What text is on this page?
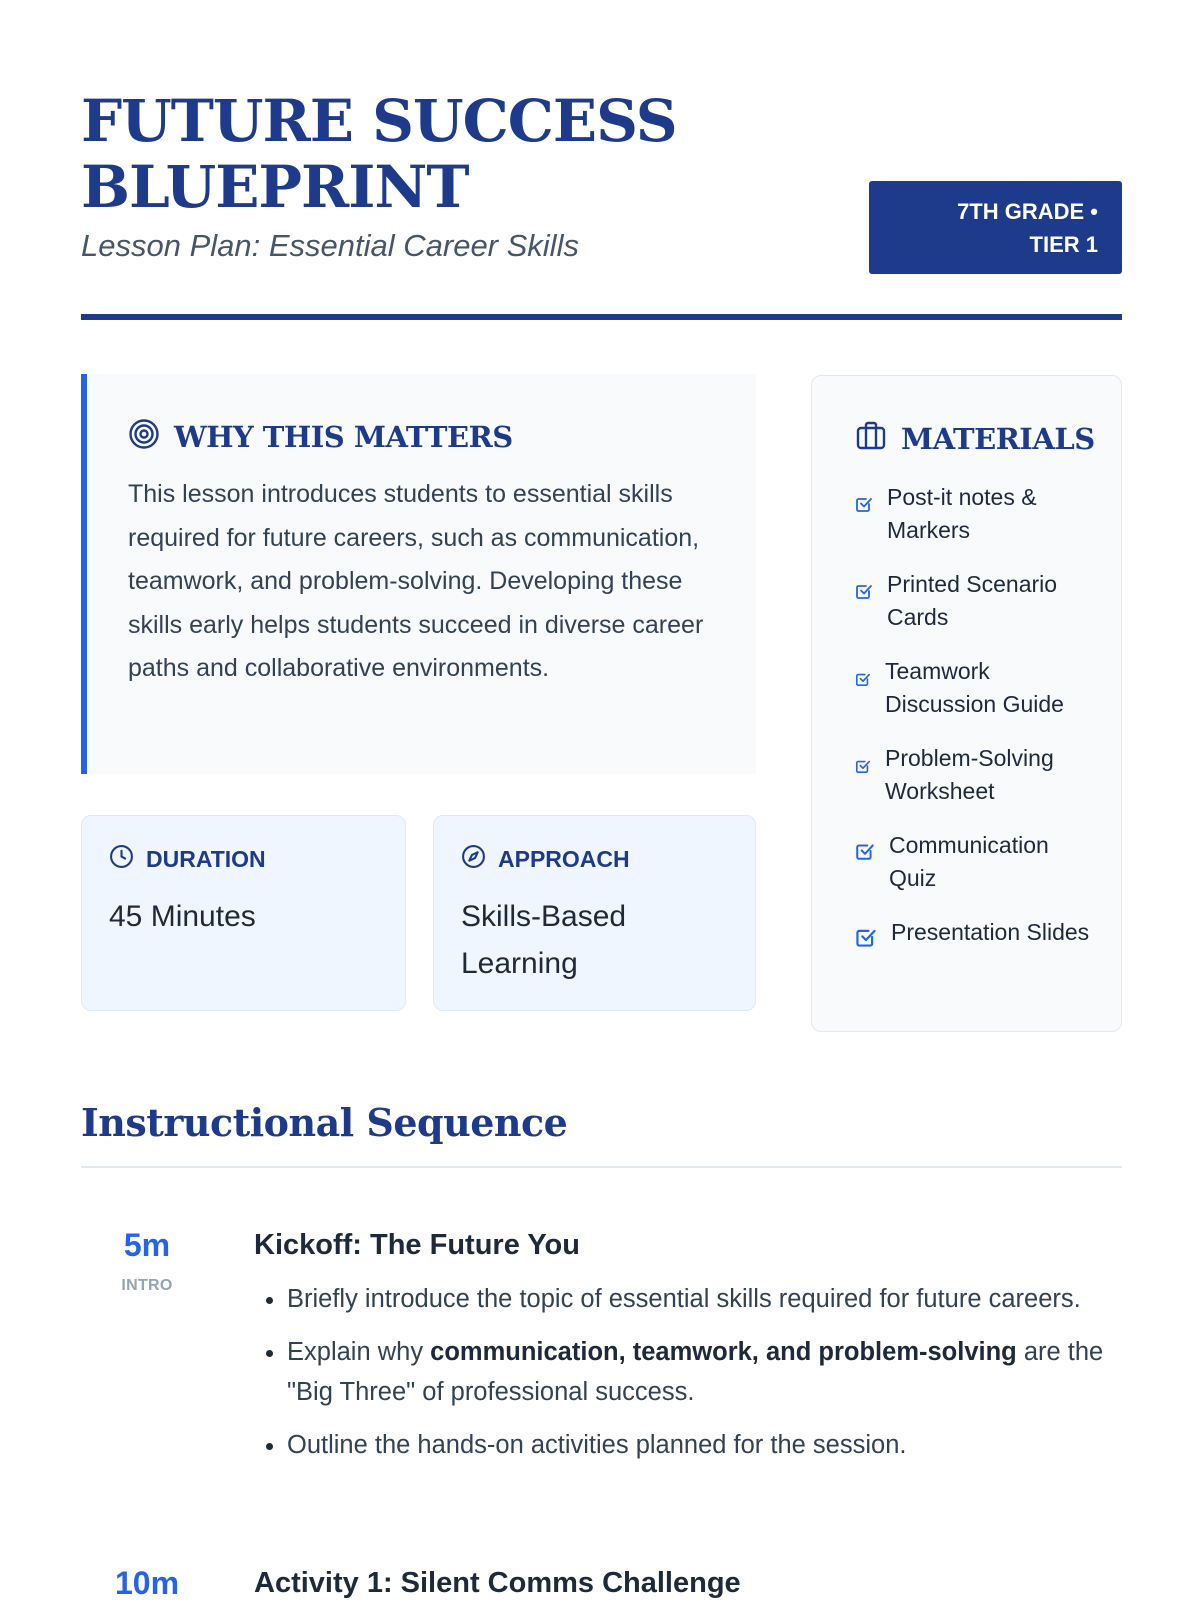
FUTURE SUCCESS BLUEPRINT

Lesson Plan: Essential Career Skills

7TH GRADE • TIER 1
WHY THIS MATTERS

This lesson introduces students to essential skills required for future careers, such as communication, teamwork, and problem-solving. Developing these skills early helps students succeed in diverse career paths and collaborative environments.

DURATION
45 Minutes
APPROACH
Skills-Based Learning
MATERIALS
Post-it notes & Markers
Printed Scenario Cards
Teamwork Discussion Guide
Problem-Solving Worksheet
Communication Quiz
Presentation Slides
Instructional Sequence
5m
INTRO
Kickoff: The Future You
• Briefly introduce the topic of essential skills required for future careers.
• Explain why communication, teamwork, and problem-solving are the "Big Three" of professional success.
• Outline the hands-on activities planned for the session.
10m	Activity 1: Silent Comms Challenge
